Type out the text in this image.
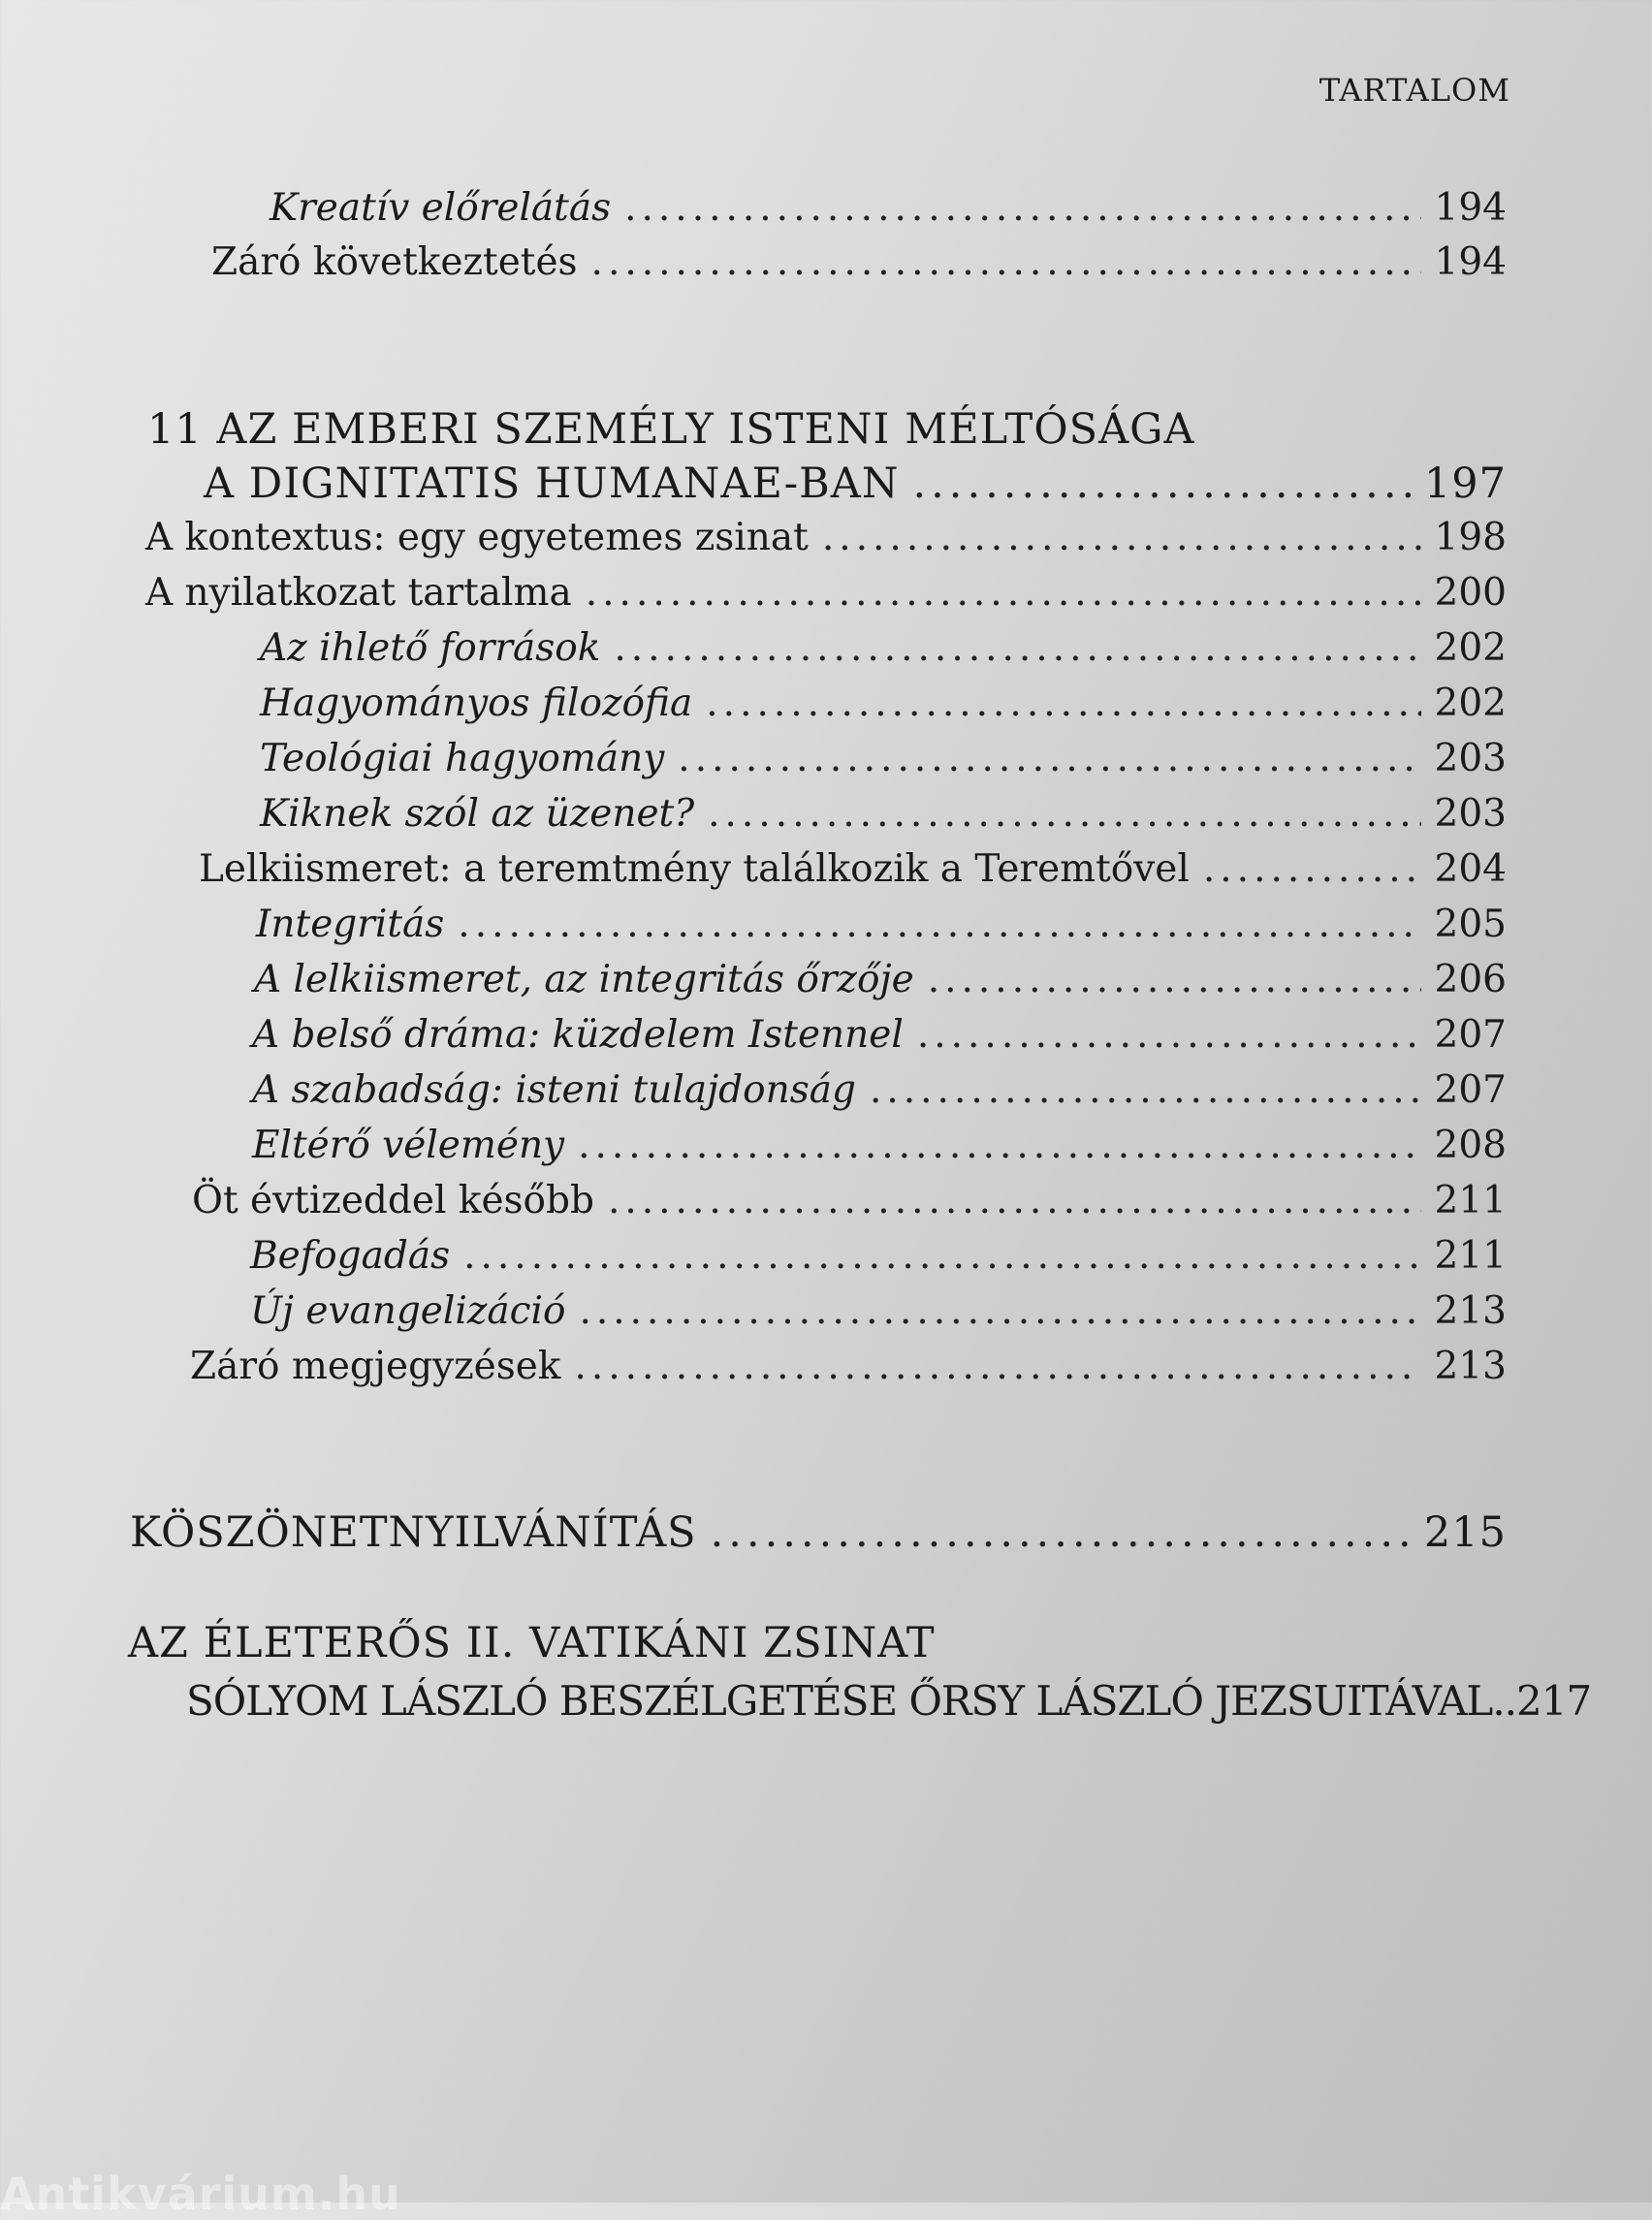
TARTALOM
Kreatív előrelátás .....	194
Záró következtetés .....	194
11 AZ EMBERI SZEMÉLY ISTENI MÉLTÓSÁGA
A DIGNITATIS HUMANAE-BAN .....	197
A kontextus: egy egyetemes zsinat .....	198
A nyilatkozat tartalma .....	200
Az ihlető források .....	202
Hagyományos filozófia .....	202
Teológiai hagyomány .....	203
Kiknek szól az üzenet? .....	203
Lelkiismeret: a teremtmény találkozik a Teremtővel .....	204
Integritás .....	205
A lelkiismeret, az integritás őrzője .....	206
A belső dráma: küzdelem Istennel .....	207
A szabadság: isteni tulajdonság .....	207
Eltérő vélemény .....	208
Öt évtizeddel később .....	211
Befogadás .....	211
Új evangelizáció .....	213
Záró megjegyzések .....	213
KÖSZÖNETNYILVÁNÍTÁS .....	215
AZ ÉLETERŐS II. VATIKÁNI ZSINAT
SÓLYOM LÁSZLÓ BESZÉLGETÉSE ŐRSY LÁSZLÓ JEZSUITÁVAL ..217
Antikvárium.hu
